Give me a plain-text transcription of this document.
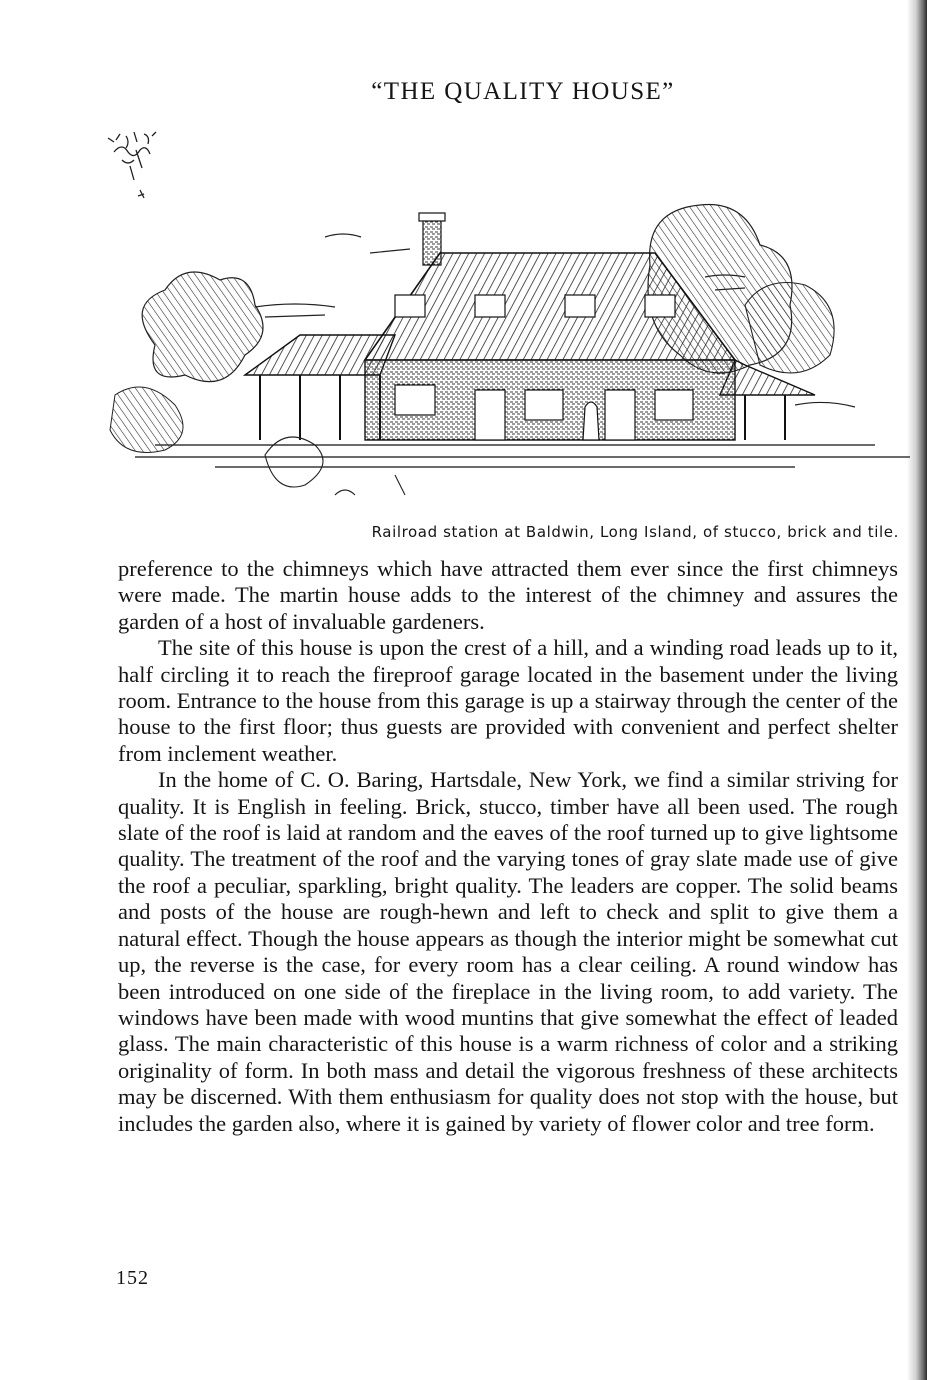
“THE QUALITY HOUSE”
Railroad station at Baldwin, Long Island, of stucco, brick and tile.

preference to the chimneys which have attracted them ever since the first chimneys were made. The martin house adds to the interest of the chimney and assures the garden of a host of invaluable gardeners.

The site of this house is upon the crest of a hill, and a winding road leads up to it, half circling it to reach the fireproof garage located in the basement under the living room. Entrance to the house from this garage is up a stairway through the center of the house to the first floor; thus guests are provided with convenient and perfect shelter from inclement weather.

In the home of C. O. Baring, Hartsdale, New York, we find a similar striving for quality. It is English in feeling. Brick, stucco, timber have all been used. The rough slate of the roof is laid at random and the eaves of the roof turned up to give lightsome quality. The treatment of the roof and the varying tones of gray slate made use of give the roof a peculiar, sparkling, bright quality. The leaders are copper. The solid beams and posts of the house are rough-hewn and left to check and split to give them a natural effect. Though the house appears as though the interior might be somewhat cut up, the reverse is the case, for every room has a clear ceiling. A round window has been introduced on one side of the fireplace in the living room, to add variety. The windows have been made with wood muntins that give somewhat the effect of leaded glass. The main characteristic of this house is a warm richness of color and a striking originality of form. In both mass and detail the vigorous freshness of these architects may be discerned. With them enthusiasm for quality does not stop with the house, but includes the garden also, where it is gained by variety of flower color and tree form.

152
